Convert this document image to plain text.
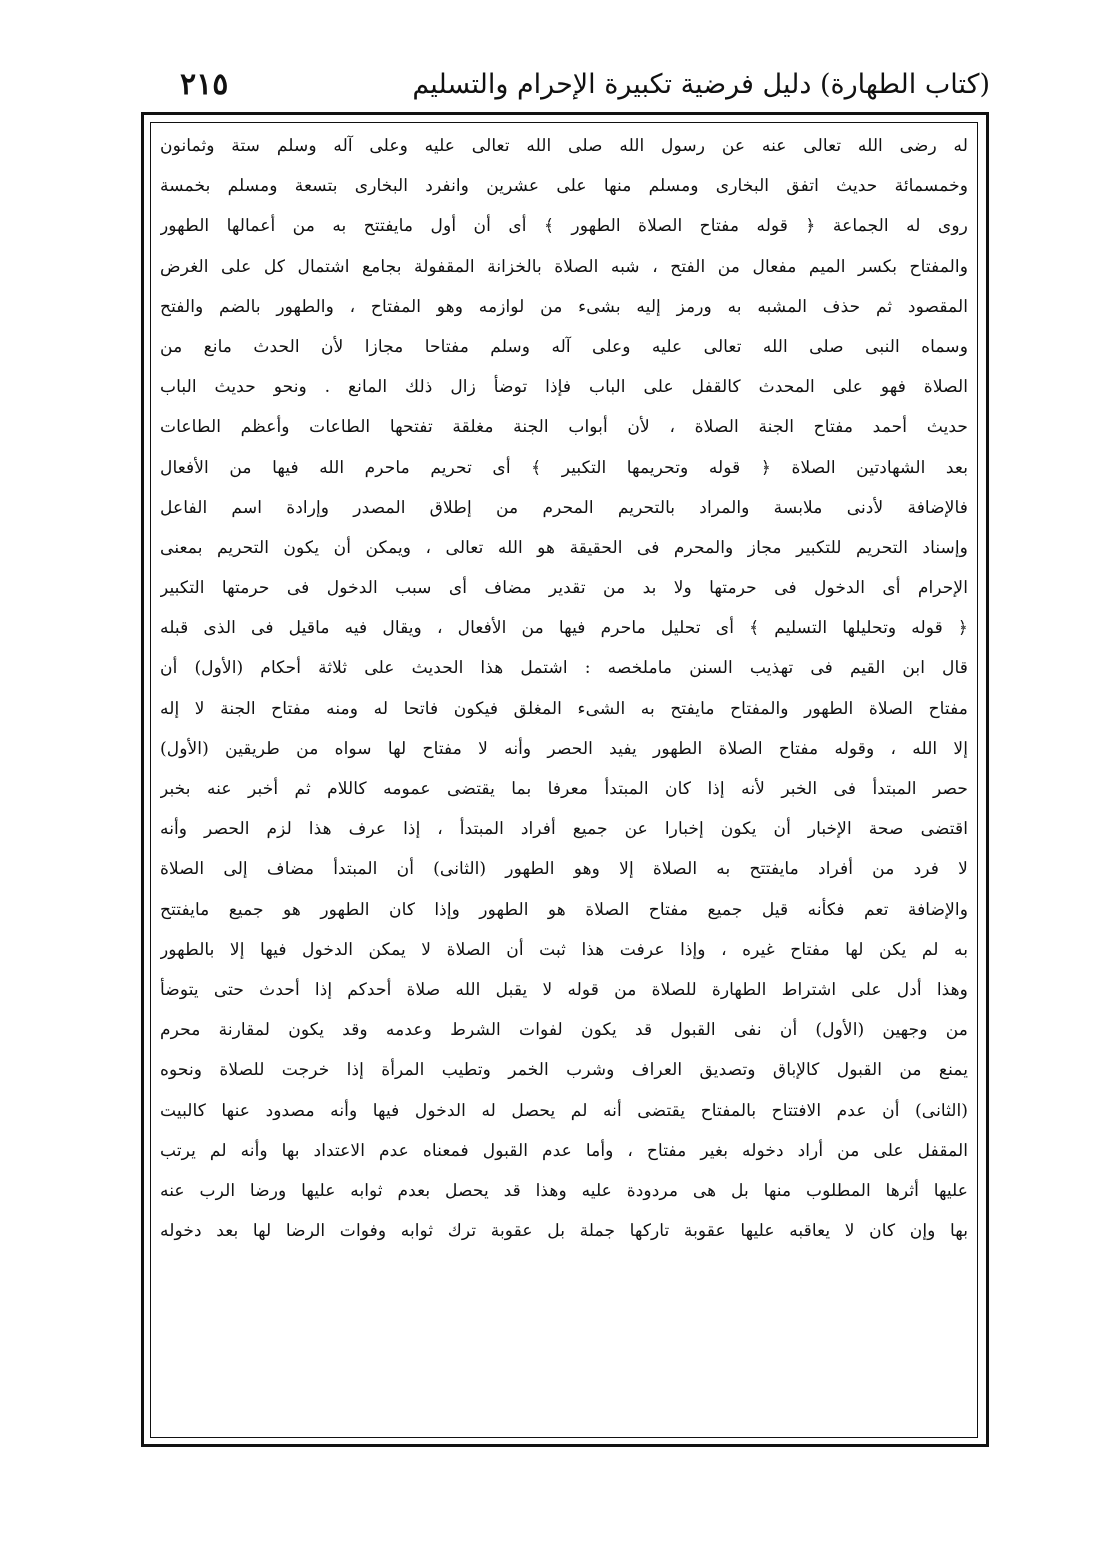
(كتاب الطهارة) دليل فرضية تكبيرة الإحرام والتسليم
٢١٥
له رضى الله تعالى عنه عن رسول الله صلى الله تعالى عليه وعلى آله وسلم ستة وثمانون
وخمسمائة حديث اتفق البخارى ومسلم منها على عشرين وانفرد البخارى بتسعة ومسلم بخمسة
روى له الجماعة ﴿ قوله مفتاح الصلاة الطهور ﴾ أى أن أول مايفتتح به من أعمالها الطهور
والمفتاح بكسر الميم مفعال من الفتح ، شبه الصلاة بالخزانة المقفولة بجامع اشتمال كل على الغرض
المقصود ثم حذف المشبه به ورمز إليه بشىء من لوازمه وهو المفتاح ، والطهور بالضم والفتح
وسماه النبى صلى الله تعالى عليه وعلى آله وسلم مفتاحا مجازا لأن الحدث مانع من
الصلاة فهو على المحدث كالقفل على الباب فإذا توضأ زال ذلك المانع . ونحو حديث الباب
حديث أحمد مفتاح الجنة الصلاة ، لأن أبواب الجنة مغلقة تفتحها الطاعات وأعظم الطاعات
بعد الشهادتين الصلاة ﴿ قوله وتحريمها التكبير ﴾ أى تحريم ماحرم الله فيها من الأفعال
فالإضافة لأدنى ملابسة والمراد بالتحريم المحرم من إطلاق المصدر وإرادة اسم الفاعل
وإسناد التحريم للتكبير مجاز والمحرم فى الحقيقة هو الله تعالى ، ويمكن أن يكون التحريم بمعنى
الإحرام أى الدخول فى حرمتها ولا بد من تقدير مضاف أى سبب الدخول فى حرمتها التكبير
﴿ قوله وتحليلها التسليم ﴾ أى تحليل ماحرم فيها من الأفعال ، ويقال فيه ماقيل فى الذى قبله
قال ابن القيم فى تهذيب السنن ماملخصه : اشتمل هذا الحديث على ثلاثة أحكام (الأول) أن
مفتاح الصلاة الطهور والمفتاح مايفتح به الشىء المغلق فيكون فاتحا له ومنه مفتاح الجنة لا إله
إلا الله ، وقوله مفتاح الصلاة الطهور يفيد الحصر وأنه لا مفتاح لها سواه من طريقين (الأول)
حصر المبتدأ فى الخبر لأنه إذا كان المبتدأ معرفا بما يقتضى عمومه كاللام ثم أخبر عنه بخبر
اقتضى صحة الإخبار أن يكون إخبارا عن جميع أفراد المبتدأ ، إذا عرف هذا لزم الحصر وأنه
لا فرد من أفراد مايفتتح به الصلاة إلا وهو الطهور (الثانى) أن المبتدأ مضاف إلى الصلاة
والإضافة تعم فكأنه قيل جميع مفتاح الصلاة هو الطهور وإذا كان الطهور هو جميع مايفتتح
به لم يكن لها مفتاح غيره ، وإذا عرفت هذا ثبت أن الصلاة لا يمكن الدخول فيها إلا بالطهور
وهذا أدل على اشتراط الطهارة للصلاة من قوله لا يقبل الله صلاة أحدكم إذا أحدث حتى يتوضأ
من وجهين (الأول) أن نفى القبول قد يكون لفوات الشرط وعدمه وقد يكون لمقارنة محرم
يمنع من القبول كالإباق وتصديق العراف وشرب الخمر وتطيب المرأة إذا خرجت للصلاة ونحوه
(الثانى) أن عدم الافتتاح بالمفتاح يقتضى أنه لم يحصل له الدخول فيها وأنه مصدود عنها كالبيت
المقفل على من أراد دخوله بغير مفتاح ، وأما عدم القبول فمعناه عدم الاعتداد بها وأنه لم يرتب
عليها أثرها المطلوب منها بل هى مردودة عليه وهذا قد يحصل بعدم ثوابه عليها ورضا الرب عنه
بها وإن كان لا يعاقبه عليها عقوبة تاركها جملة بل عقوبة ترك ثوابه وفوات الرضا لها بعد دخوله
